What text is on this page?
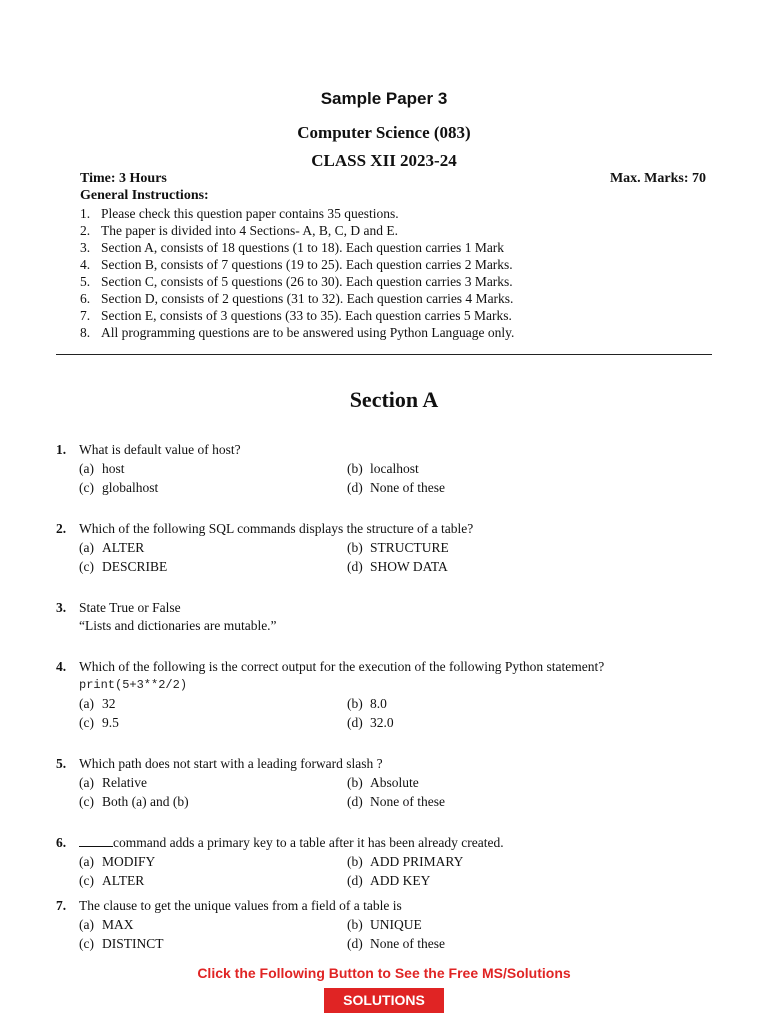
Sample Paper 3
Computer Science (083)
CLASS XII 2023-24
Time: 3 Hours	Max. Marks: 70
General Instructions:
1. Please check this question paper contains 35 questions.
2. The paper is divided into 4 Sections- A, B, C, D and E.
3. Section A, consists of 18 questions (1 to 18). Each question carries 1 Mark
4. Section B, consists of 7 questions (19 to 25). Each question carries 2 Marks.
5. Section C, consists of 5 questions (26 to 30). Each question carries 3 Marks.
6. Section D, consists of 2 questions (31 to 32). Each question carries 4 Marks.
7. Section E, consists of 3 questions (33 to 35). Each question carries 5 Marks.
8. All programming questions are to be answered using Python Language only.
Section A
1. What is default value of host?
(a) host	(b) localhost
(c) globalhost	(d) None of these
2. Which of the following SQL commands displays the structure of a table?
(a) ALTER	(b) STRUCTURE
(c) DESCRIBE	(d) SHOW DATA
3. State True or False
“Lists and dictionaries are mutable.”
4. Which of the following is the correct output for the execution of the following Python statement?
print(5+3**2/2)
(a) 32	(b) 8.0
(c) 9.5	(d) 32.0
5. Which path does not start with a leading forward slash ?
(a) Relative	(b) Absolute
(c) Both (a) and (b)	(d) None of these
6.	command adds a primary key to a table after it has been already created.
(a) MODIFY	(b) ADD PRIMARY
(c) ALTER	(d) ADD KEY
7. The clause to get the unique values from a field of a table is
(a) MAX	(b) UNIQUE
(c) DISTINCT	(d) None of these
Click the Following Button to See the Free MS/Solutions
SOLUTIONS
